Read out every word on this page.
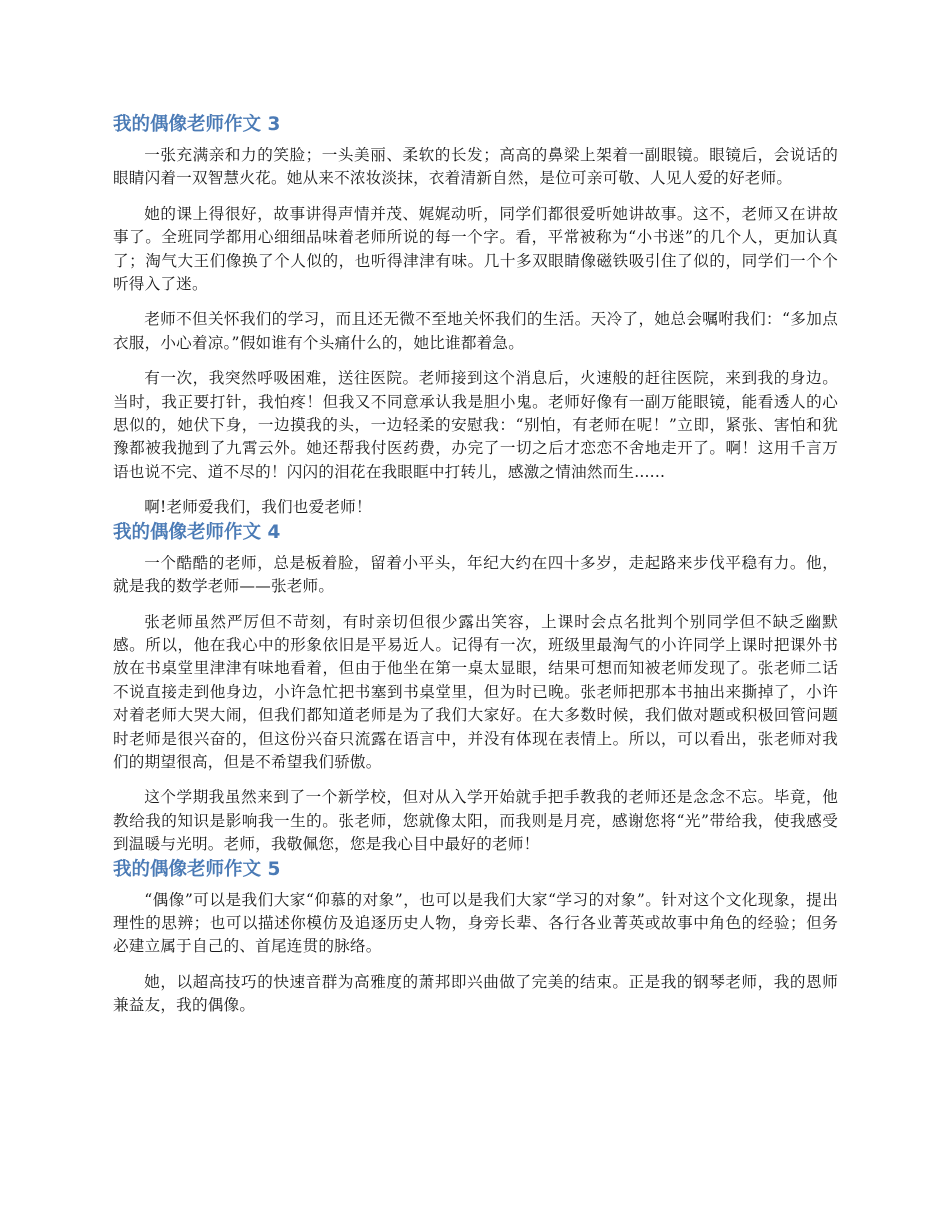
我的偶像老师作文 3

一张充满亲和力的笑脸；一头美丽、柔软的长发；高高的鼻梁上架着一副眼镜。眼镜后，会说话的眼睛闪着一双智慧火花。她从来不浓妆淡抹，衣着清新自然，是位可亲可敬、人见人爱的好老师。

她的课上得很好，故事讲得声情并茂、娓娓动听，同学们都很爱听她讲故事。这不，老师又在讲故事了。全班同学都用心细细品味着老师所说的每一个字。看，平常被称为“小书迷”的几个人，更加认真了；淘气大王们像换了个人似的，也听得津津有味。几十多双眼睛像磁铁吸引住了似的，同学们一个个听得入了迷。

老师不但关怀我们的学习，而且还无微不至地关怀我们的生活。天冷了，她总会嘱咐我们：“多加点衣服，小心着凉。”假如谁有个头痛什么的，她比谁都着急。

有一次，我突然呼吸困难，送往医院。老师接到这个消息后，火速般的赶往医院，来到我的身边。当时，我正要打针，我怕疼！但我又不同意承认我是胆小鬼。老师好像有一副万能眼镜，能看透人的心思似的，她伏下身，一边摸我的头，一边轻柔的安慰我：“别怕，有老师在呢！”立即，紧张、害怕和犹豫都被我抛到了九霄云外。她还帮我付医药费，办完了一切之后才恋恋不舍地走开了。啊！这用千言万语也说不完、道不尽的！闪闪的泪花在我眼眶中打转儿，感激之情油然而生......

啊!老师爱我们，我们也爱老师！

我的偶像老师作文 4

一个酷酷的老师，总是板着脸，留着小平头，年纪大约在四十多岁，走起路来步伐平稳有力。他，就是我的数学老师——张老师。

张老师虽然严厉但不苛刻，有时亲切但很少露出笑容，上课时会点名批判个别同学但不缺乏幽默感。所以，他在我心中的形象依旧是平易近人。记得有一次，班级里最淘气的小许同学上课时把课外书放在书桌堂里津津有味地看着，但由于他坐在第一桌太显眼，结果可想而知被老师发现了。张老师二话不说直接走到他身边，小许急忙把书塞到书桌堂里，但为时已晚。张老师把那本书抽出来撕掉了，小许对着老师大哭大闹，但我们都知道老师是为了我们大家好。在大多数时候，我们做对题或积极回管问题时老师是很兴奋的，但这份兴奋只流露在语言中，并没有体现在表情上。所以，可以看出，张老师对我们的期望很高，但是不希望我们骄傲。

这个学期我虽然来到了一个新学校，但对从入学开始就手把手教我的老师还是念念不忘。毕竟，他教给我的知识是影响我一生的。张老师，您就像太阳，而我则是月亮，感谢您将“光”带给我，使我感受到温暖与光明。老师，我敬佩您，您是我心目中最好的老师！

我的偶像老师作文 5

“偶像”可以是我们大家“仰慕的对象”，也可以是我们大家“学习的对象”。针对这个文化现象，提出理性的思辨；也可以描述你模仿及追逐历史人物，身旁长辈、各行各业菁英或故事中角色的经验；但务必建立属于自己的、首尾连贯的脉络。

她，以超高技巧的快速音群为高雅度的萧邦即兴曲做了完美的结束。正是我的钢琴老师，我的恩师兼益友，我的偶像。
